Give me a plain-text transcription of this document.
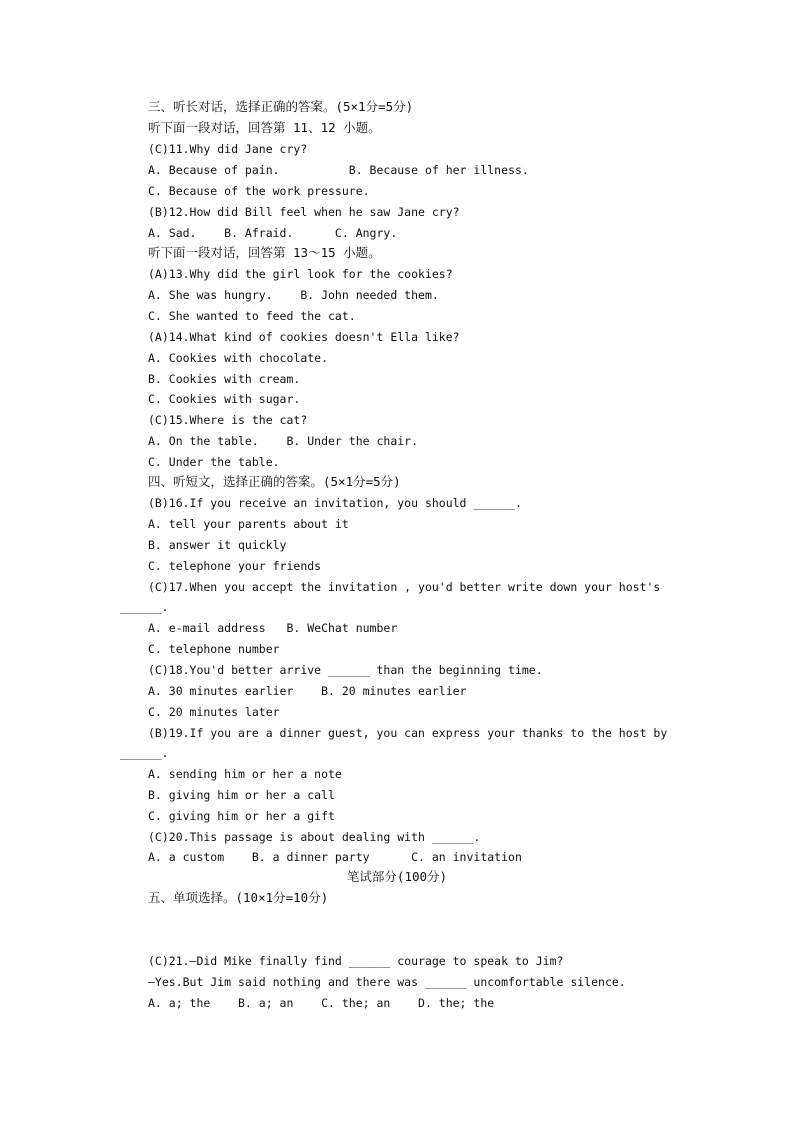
三、听长对话，选择正确的答案。(5×1分=5分)
听下面一段对话，回答第 11、12 小题。
(C)11.Why did Jane cry?
A. Because of pain.          B. Because of her illness.
C. Because of the work pressure.
(B)12.How did Bill feel when he saw Jane cry?
A. Sad.    B. Afraid.      C. Angry.
听下面一段对话，回答第 13～15 小题。
(A)13.Why did the girl look for the cookies?
A. She was hungry.    B. John needed them.
C. She wanted to feed the cat.
(A)14.What kind of cookies doesn't Ella like?
A. Cookies with chocolate.
B. Cookies with cream.
C. Cookies with sugar.
(C)15.Where is the cat?
A. On the table.    B. Under the chair.
C. Under the table.
四、听短文，选择正确的答案。(5×1分=5分)
(B)16.If you receive an invitation, you should ______.
A. tell your parents about it
B. answer it quickly
C. telephone your friends
(C)17.When you accept the invitation , you'd better write down your host's
______.
A. e-mail address   B. WeChat number
C. telephone number
(C)18.You'd better arrive ______ than the beginning time.
A. 30 minutes earlier    B. 20 minutes earlier
C. 20 minutes later
(B)19.If you are a dinner guest, you can express your thanks to the host by
______.
A. sending him or her a note
B. giving him or her a call
C. giving him or her a gift
(C)20.This passage is about dealing with ______.
A. a custom    B. a dinner party      C. an invitation
笔试部分(100分)
五、单项选择。(10×1分=10分)
(C)21.—Did Mike finally find ______ courage to speak to Jim?
—Yes.But Jim said nothing and there was ______ uncomfortable silence.
A. a; the    B. a; an    C. the; an    D. the; the
